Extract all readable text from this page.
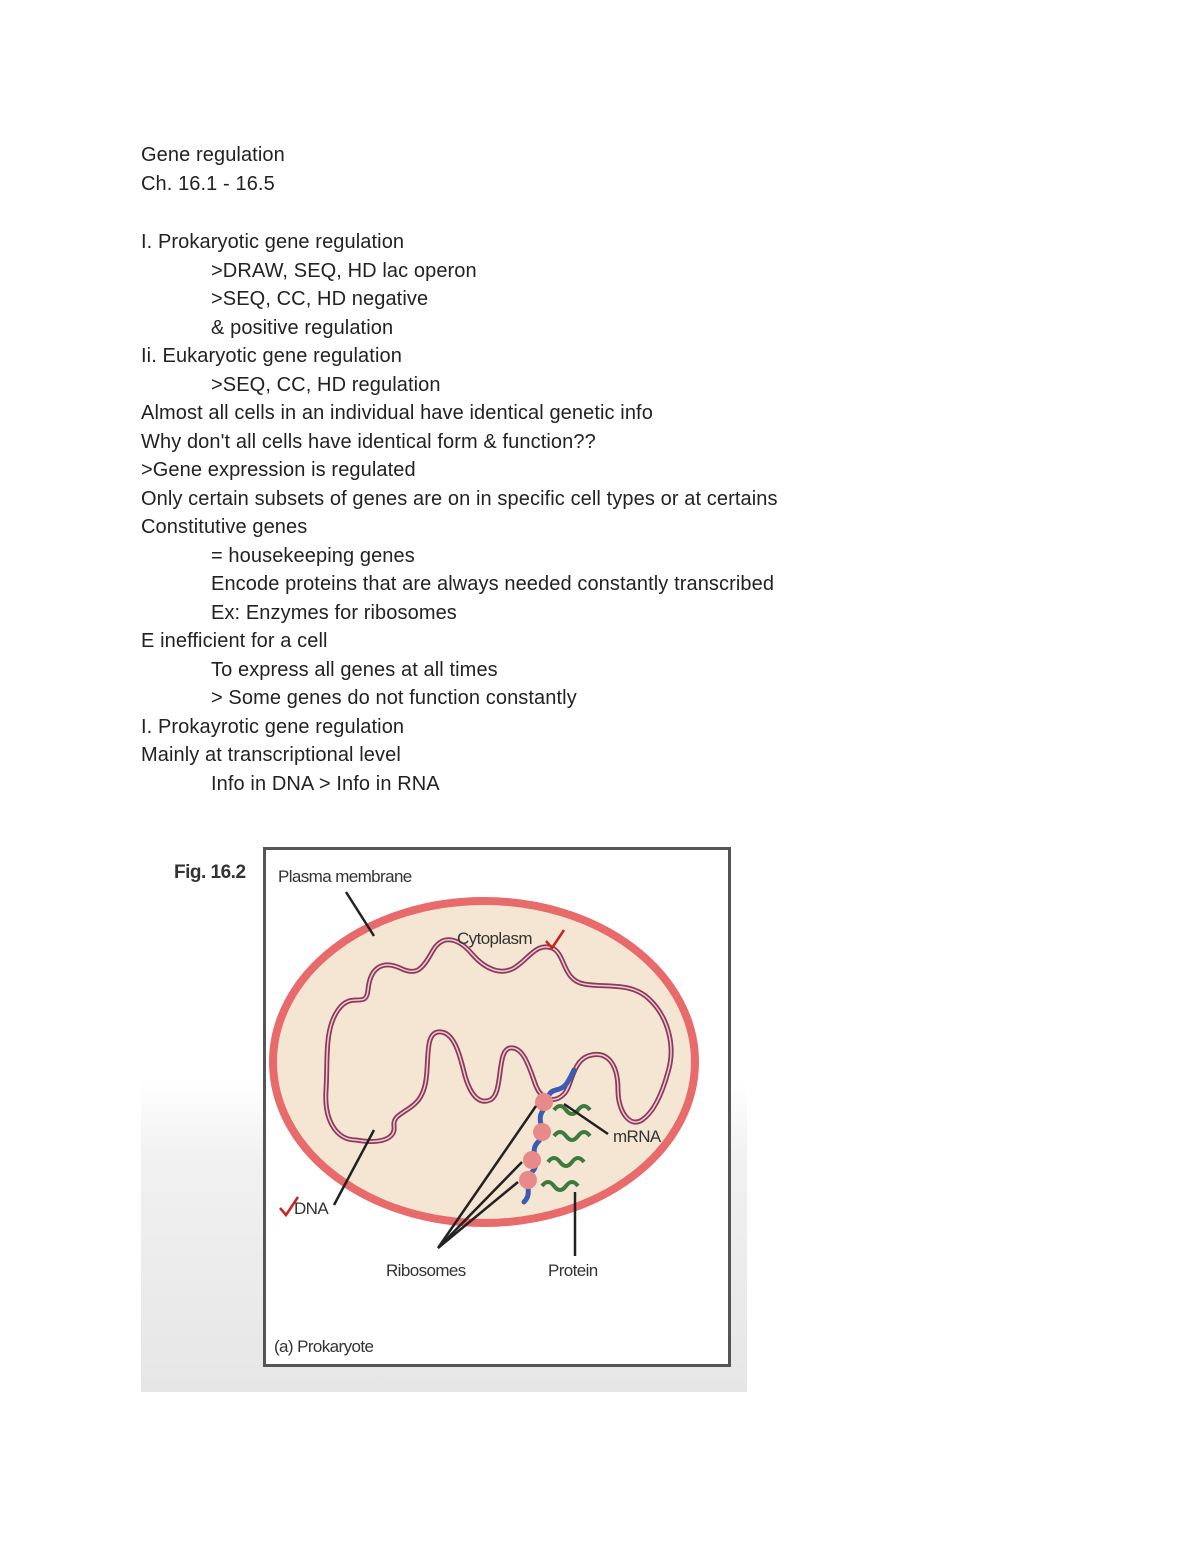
Gene regulation
Ch. 16.1 - 16.5
I. Prokaryotic gene regulation
>DRAW, SEQ, HD lac operon
>SEQ, CC, HD negative
& positive regulation
Ii. Eukaryotic gene regulation
>SEQ, CC, HD regulation
Almost all cells in an individual have identical genetic info
Why don't all cells have identical form & function??
>Gene expression is regulated
Only certain subsets of genes are on in specific cell types or at certains
Constitutive genes
= housekeeping genes
Encode proteins that are always needed constantly transcribed
Ex: Enzymes for ribosomes
E inefficient for a cell
To express all genes at all times
> Some genes do not function constantly
I. Prokayrotic gene regulation
Mainly at transcriptional level
Info in DNA > Info in RNA
Fig. 16.2 Plasma membrane
Cytoplasm
mRNA
DNA
Ribosomes	Protein
(a) Prokaryote
